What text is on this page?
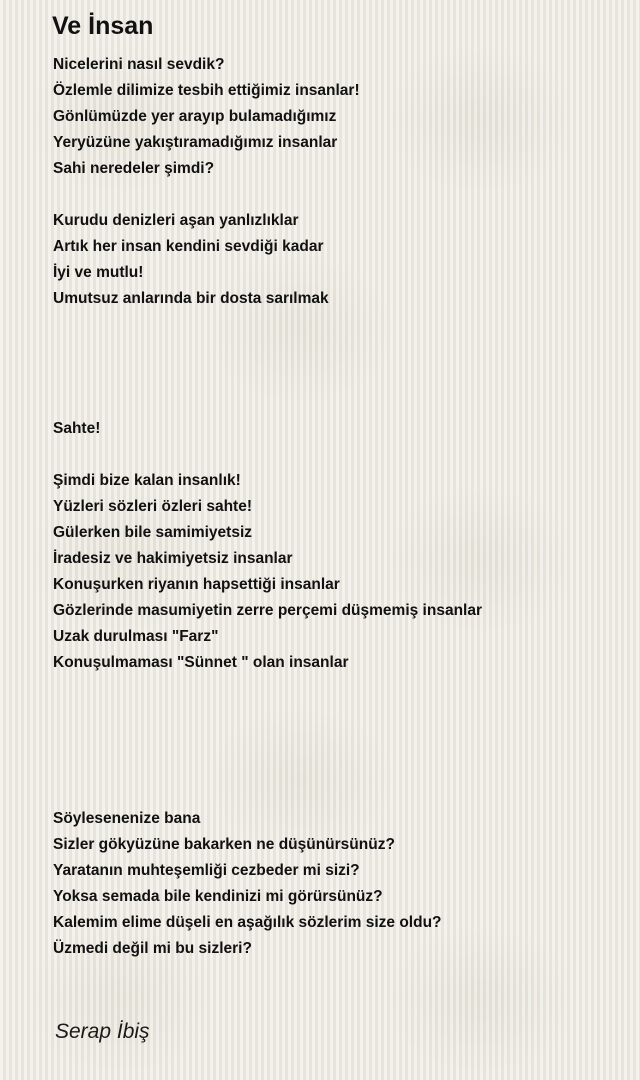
Ve İnsan
Nicelerini nasıl sevdik?
Özlemle dilimize tesbih ettiğimiz insanlar!
Gönlümüzde yer arayıp bulamadığımız
Yeryüzüne yakıştıramadığımız insanlar
Sahi neredeler şimdi?
Kurudu denizleri aşan yanlızlıklar
Artık her insan kendini sevdiği kadar
İyi ve mutlu!
Umutsuz anlarında bir dosta sarılmak
Sahte!
Şimdi bize kalan insanlık!
Yüzleri sözleri özleri sahte!
Gülerken bile samimiyetsiz
İradesiz ve hakimiyetsiz insanlar
Konuşurken riyanın hapsettiği insanlar
Gözlerinde masumiyetin zerre perçemi düşmemiş insanlar
Uzak durulması "Farz"
Konuşulmaması "Sünnet " olan insanlar
Söylesenenize bana
Sizler gökyüzüne bakarken ne düşünürsünüz?
Yaratanın muhteşemliği cezbeder mi sizi?
Yoksa semada bile kendinizi mi görürsünüz?
Kalemim elime düşeli en aşağılık sözlerim size oldu?
Üzmedi değil mi bu sizleri?
Serap İbiş
